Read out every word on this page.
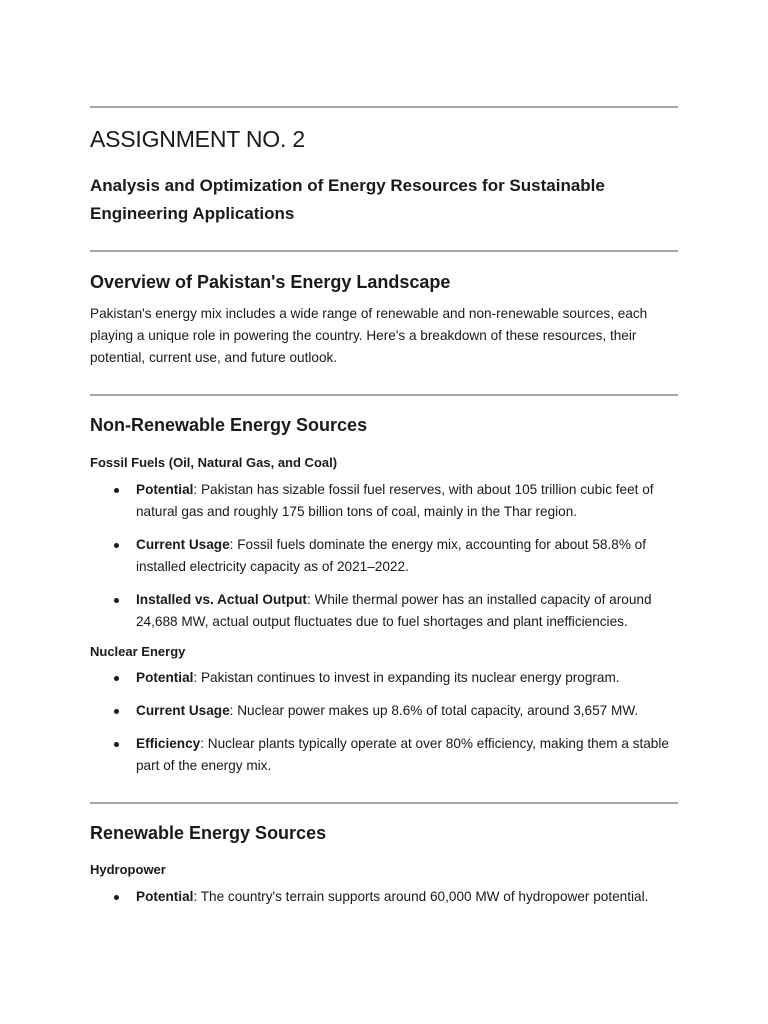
ASSIGNMENT NO. 2
Analysis and Optimization of Energy Resources for Sustainable Engineering Applications
Overview of Pakistan's Energy Landscape

Pakistan's energy mix includes a wide range of renewable and non-renewable sources, each playing a unique role in powering the country. Here's a breakdown of these resources, their potential, current use, and future outlook.

Non-Renewable Energy Sources
Fossil Fuels (Oil, Natural Gas, and Coal)
Potential: Pakistan has sizable fossil fuel reserves, with about 105 trillion cubic feet of natural gas and roughly 175 billion tons of coal, mainly in the Thar region.
Current Usage: Fossil fuels dominate the energy mix, accounting for about 58.8% of installed electricity capacity as of 2021–2022.
Installed vs. Actual Output: While thermal power has an installed capacity of around 24,688 MW, actual output fluctuates due to fuel shortages and plant inefficiencies.
Nuclear Energy
Potential: Pakistan continues to invest in expanding its nuclear energy program.
Current Usage: Nuclear power makes up 8.6% of total capacity, around 3,657 MW.
Efficiency: Nuclear plants typically operate at over 80% efficiency, making them a stable part of the energy mix.
Renewable Energy Sources
Hydropower
Potential: The country's terrain supports around 60,000 MW of hydropower potential.
